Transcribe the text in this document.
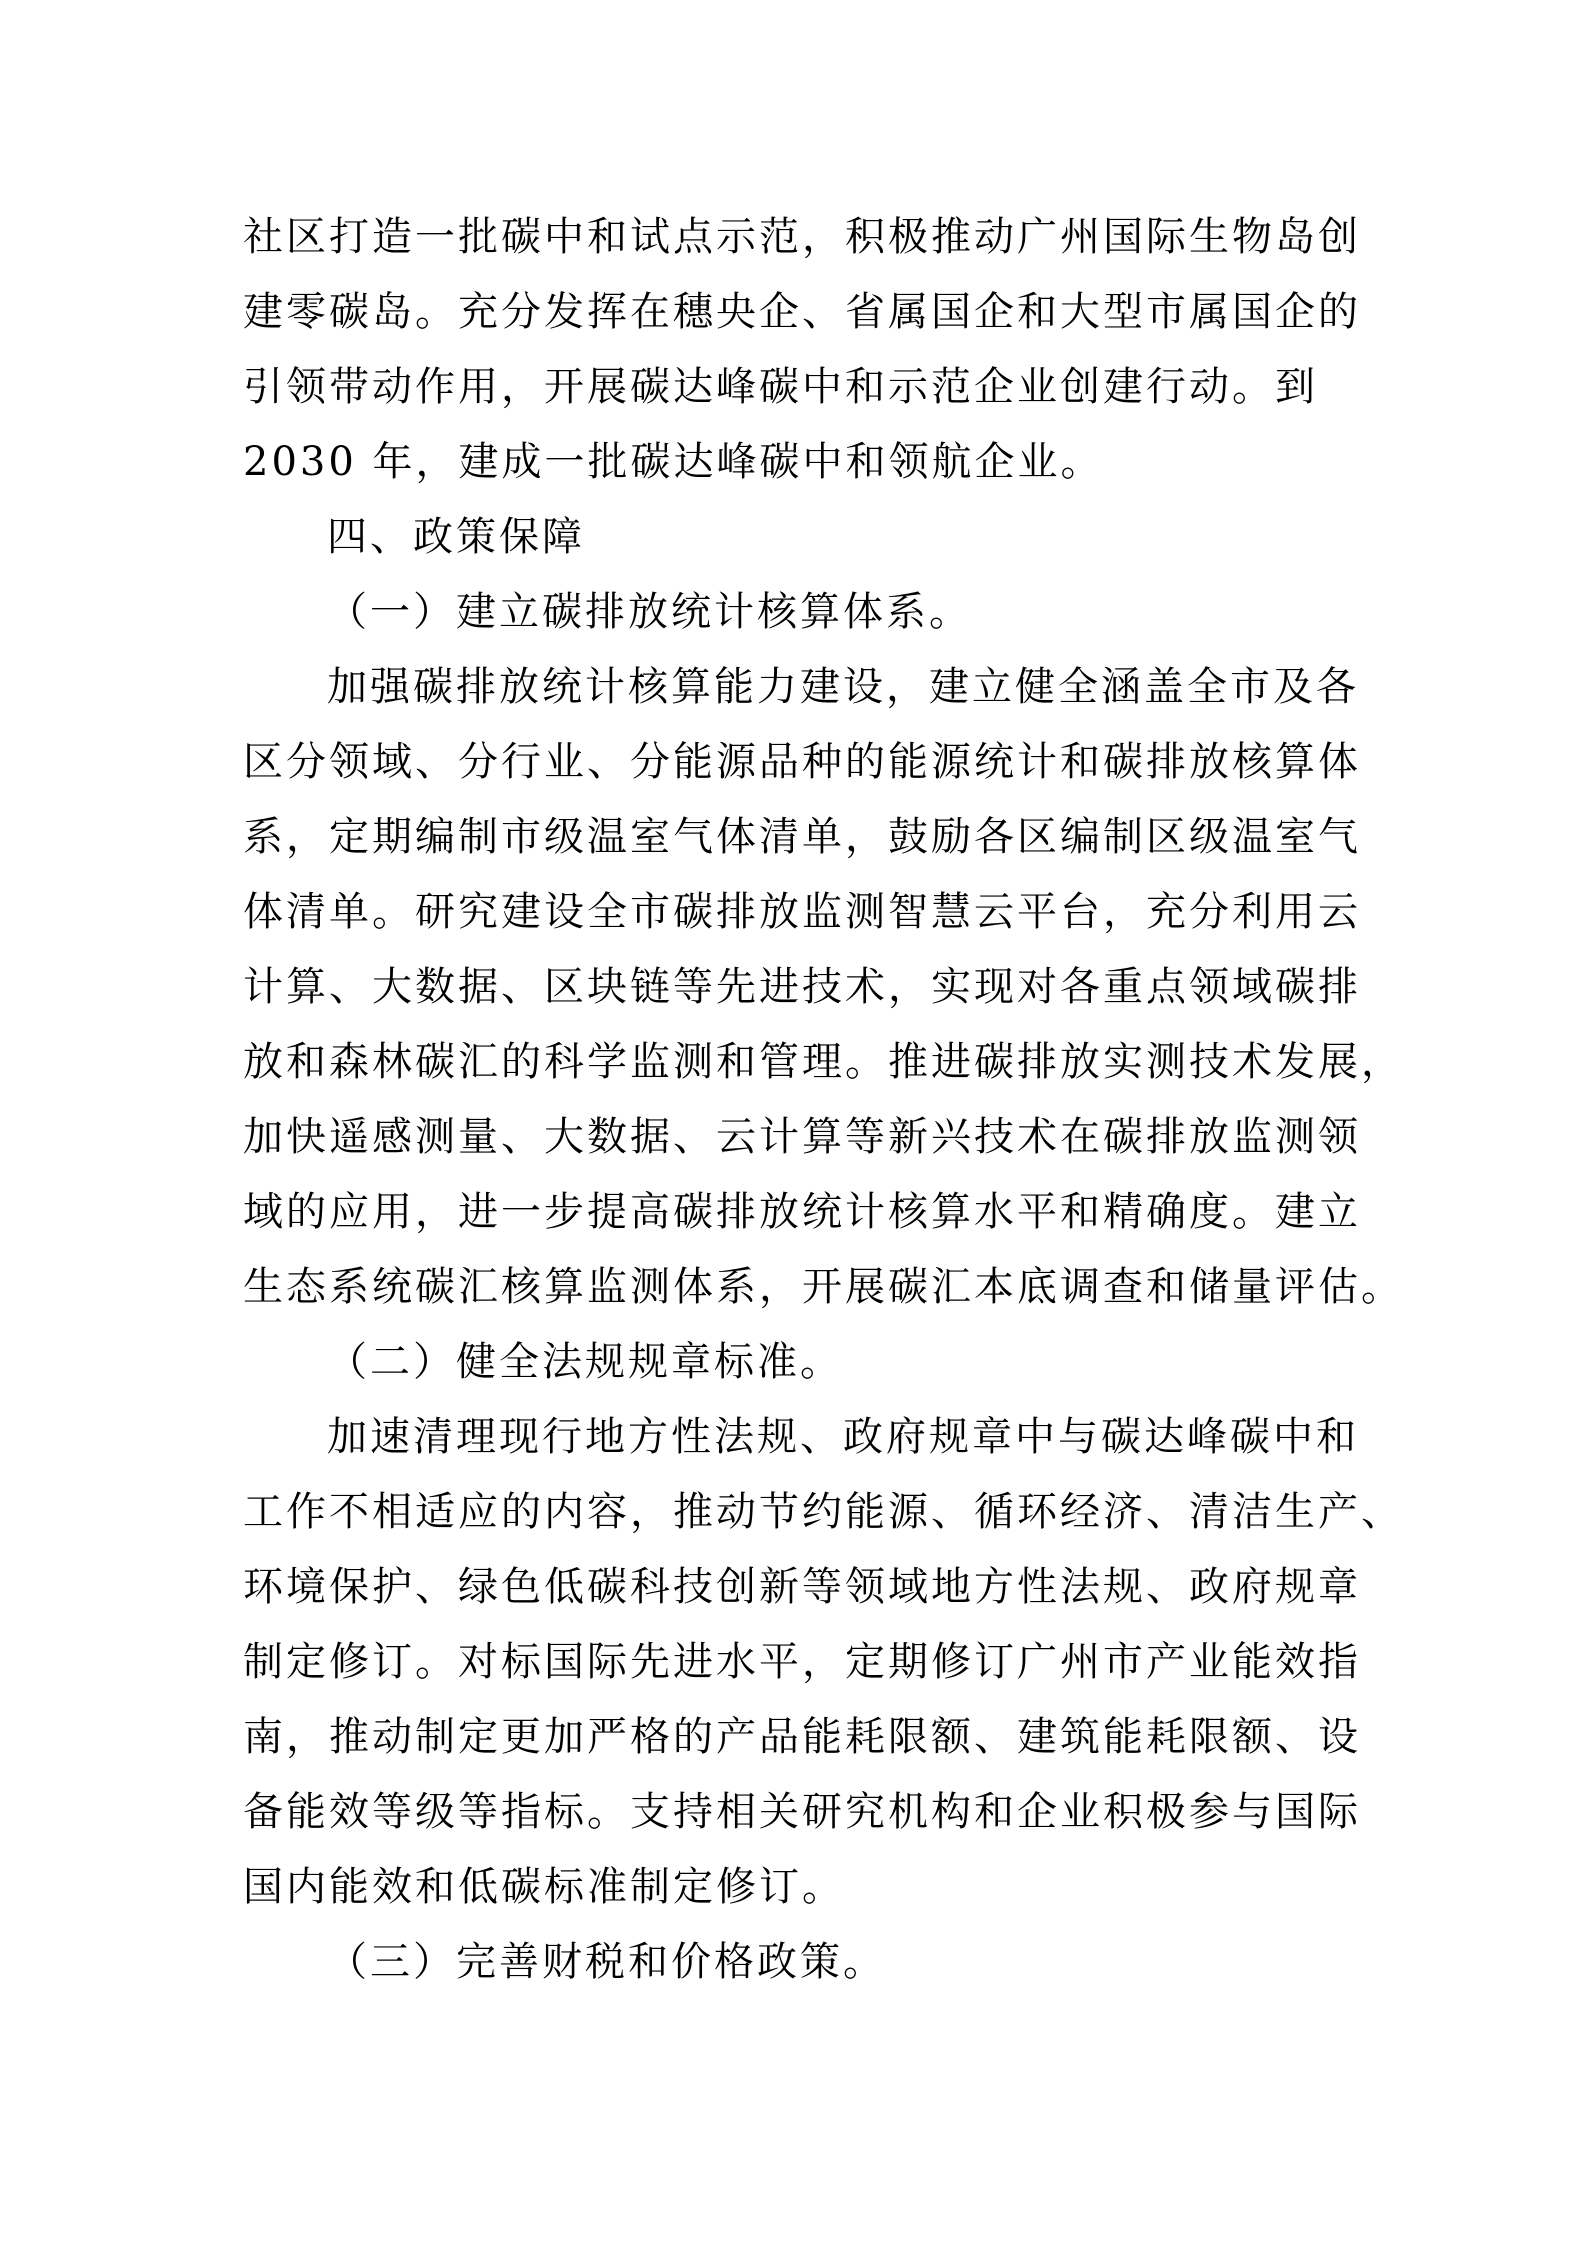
社区打造一批碳中和试点示范，积极推动广州国际生物岛创
建零碳岛。充分发挥在穗央企、省属国企和大型市属国企的
引领带动作用，开展碳达峰碳中和示范企业创建行动。到
2030 年，建成一批碳达峰碳中和领航企业。
四、政策保障
（一）建立碳排放统计核算体系。
加强碳排放统计核算能力建设，建立健全涵盖全市及各
区分领域、分行业、分能源品种的能源统计和碳排放核算体
系，定期编制市级温室气体清单，鼓励各区编制区级温室气
体清单。研究建设全市碳排放监测智慧云平台，充分利用云
计算、大数据、区块链等先进技术，实现对各重点领域碳排
放和森林碳汇的科学监测和管理。推进碳排放实测技术发展，
加快遥感测量、大数据、云计算等新兴技术在碳排放监测领
域的应用，进一步提高碳排放统计核算水平和精确度。建立
生态系统碳汇核算监测体系，开展碳汇本底调查和储量评估。
（二）健全法规规章标准。
加速清理现行地方性法规、政府规章中与碳达峰碳中和
工作不相适应的内容，推动节约能源、循环经济、清洁生产、
环境保护、绿色低碳科技创新等领域地方性法规、政府规章
制定修订。对标国际先进水平，定期修订广州市产业能效指
南，推动制定更加严格的产品能耗限额、建筑能耗限额、设
备能效等级等指标。支持相关研究机构和企业积极参与国际
国内能效和低碳标准制定修订。
（三）完善财税和价格政策。
